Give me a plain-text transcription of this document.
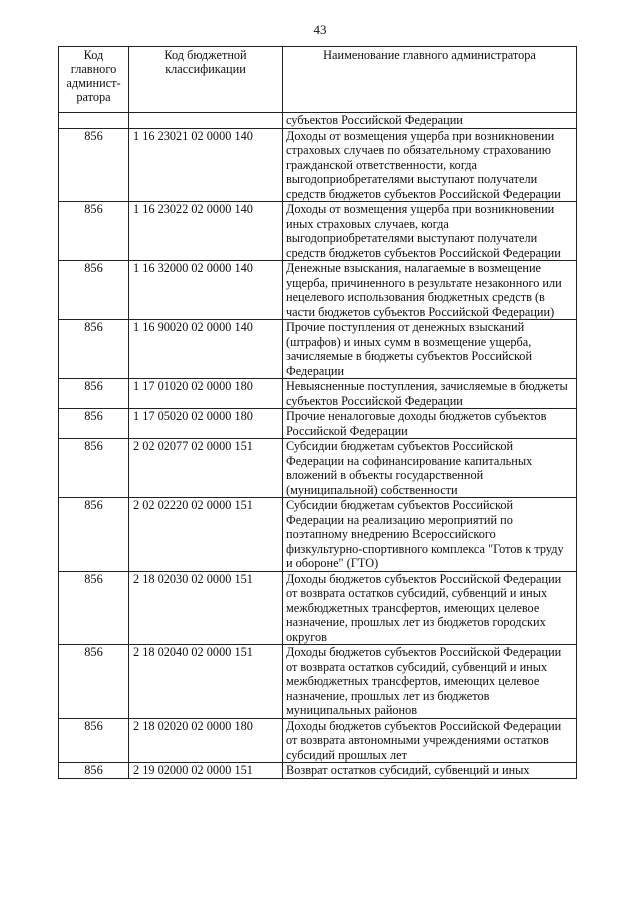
43
Код главного админист-ратора	Код бюджетной классификации	Наименование главного администратора
		субъектов Российской Федерации
856	1 16 23021 02 0000 140	Доходы от возмещения ущерба при возникновении страховых случаев по обязательному страхованию гражданской ответственности, когда выгодоприобретателями выступают получатели средств бюджетов субъектов Российской Федерации
856	1 16 23022 02 0000 140	Доходы от возмещения ущерба при возникновении иных страховых случаев, когда выгодоприобретателями выступают получатели средств бюджетов субъектов Российской Федерации
856	1 16 32000 02 0000 140	Денежные взыскания, налагаемые в возмещение ущерба, причиненного в результате незаконного или нецелевого использования бюджетных средств (в части бюджетов субъектов Российской Федерации)
856	1 16 90020 02 0000 140	Прочие поступления от денежных взысканий (штрафов) и иных сумм в возмещение ущерба, зачисляемые в бюджеты субъектов Российской Федерации
856	1 17 01020 02 0000 180	Невыясненные поступления, зачисляемые в бюджеты субъектов Российской Федерации
856	1 17 05020 02 0000 180	Прочие неналоговые доходы бюджетов субъектов Российской Федерации
856	2 02 02077 02 0000 151	Субсидии бюджетам субъектов Российской Федерации на софинансирование капитальных вложений в объекты государственной (муниципальной) собственности
856	2 02 02220 02 0000 151	Субсидии бюджетам субъектов Российской Федерации на реализацию мероприятий по поэтапному внедрению Всероссийского физкультурно-спортивного комплекса "Готов к труду и обороне" (ГТО)
856	2 18 02030 02 0000 151	Доходы бюджетов субъектов Российской Федерации от возврата остатков субсидий, субвенций и иных межбюджетных трансфертов, имеющих целевое назначение, прошлых лет из бюджетов городских округов
856	2 18 02040 02 0000 151	Доходы бюджетов субъектов Российской Федерации от возврата остатков субсидий, субвенций и иных межбюджетных трансфертов, имеющих целевое назначение, прошлых лет из бюджетов муниципальных районов
856	2 18 02020 02 0000 180	Доходы бюджетов субъектов Российской Федерации от возврата автономными учреждениями остатков субсидий прошлых лет
856	2 19 02000 02 0000 151	Возврат остатков субсидий, субвенций и иных
